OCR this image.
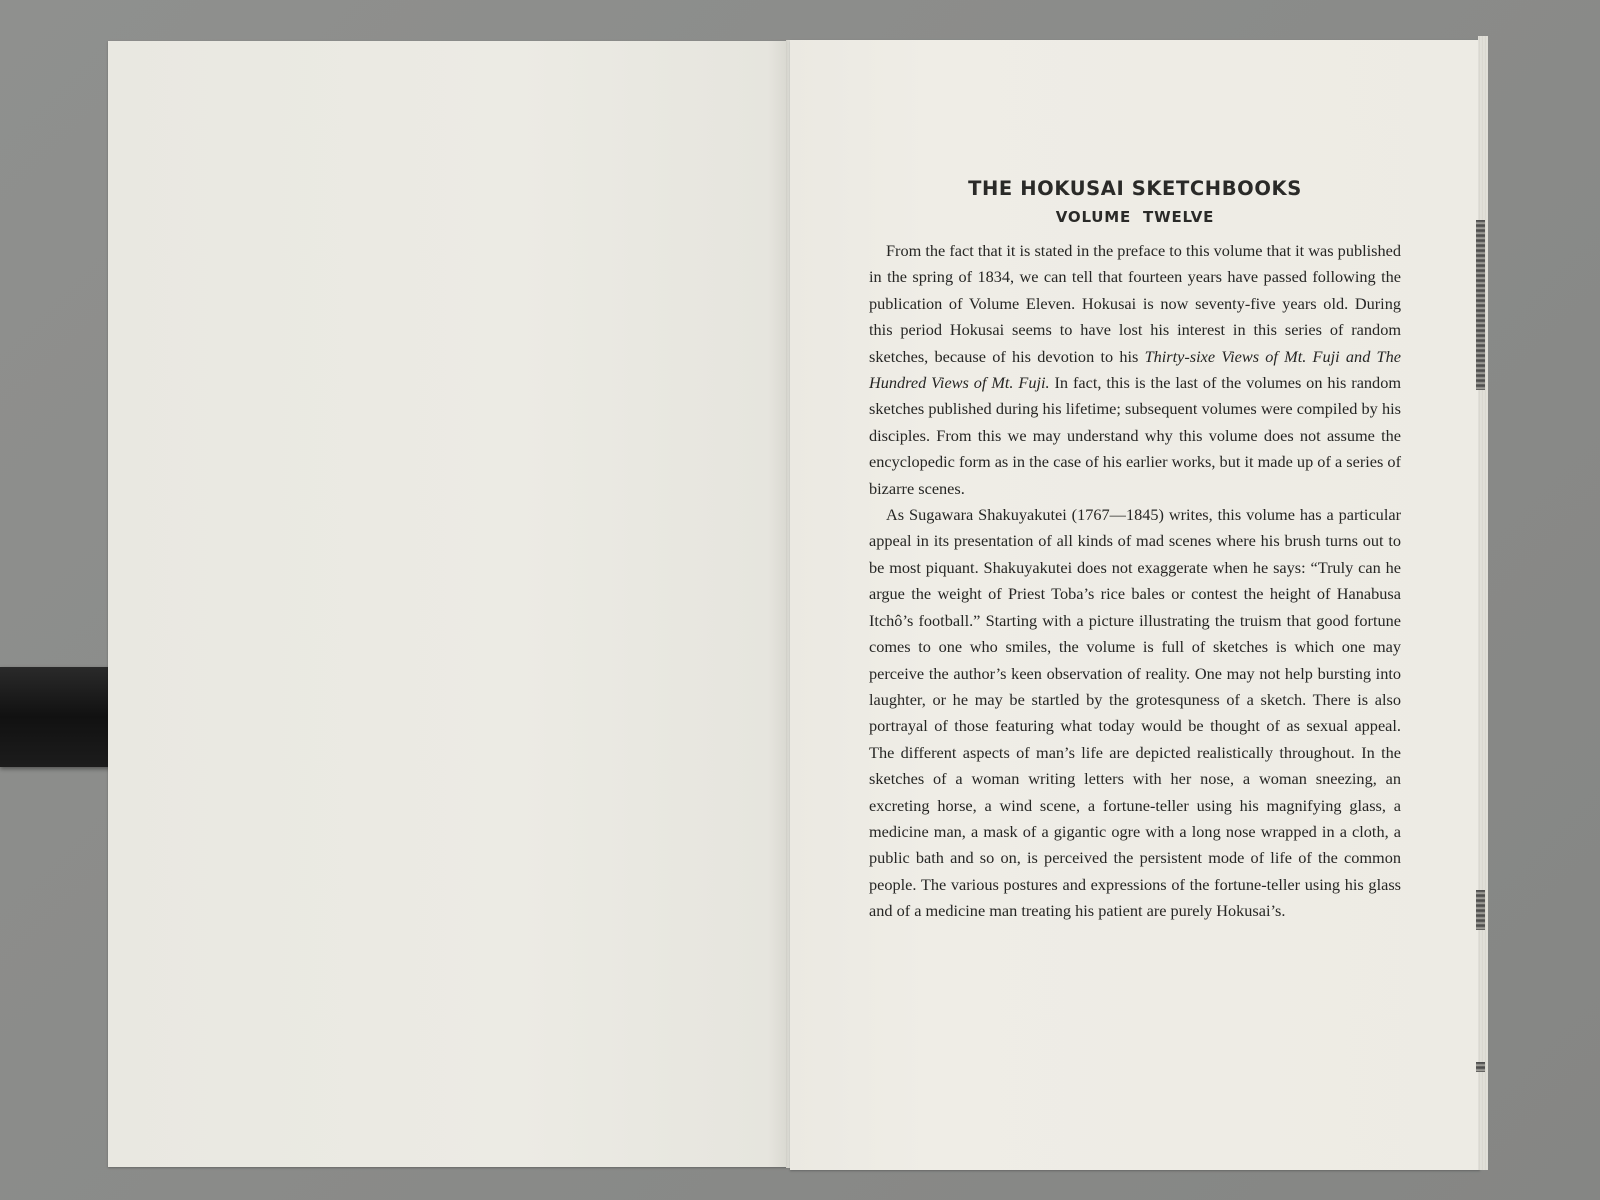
THE HOKUSAI SKETCHBOOKS
VOLUME TWELVE

From the fact that it is stated in the preface to this volume that it was published in the spring of 1834, we can tell that fourteen years have passed following the publication of Volume Eleven. Hokusai is now seventy-five years old. During this period Hokusai seems to have lost his interest in this series of random sketches, because of his devotion to his Thirty-sixe Views of Mt. Fuji and The Hundred Views of Mt. Fuji. In fact, this is the last of the volumes on his random sketches published during his lifetime; subsequent volumes were compiled by his disciples. From this we may understand why this volume does not assume the encyclopedic form as in the case of his earlier works, but it made up of a series of bizarre scenes.

As Sugawara Shakuyakutei (1767—1845) writes, this volume has a particular appeal in its presentation of all kinds of mad scenes where his brush turns out to be most piquant. Shakuyakutei does not exaggerate when he says: “Truly can he argue the weight of Priest Toba’s rice bales or contest the height of Hanabusa Itchô’s football.” Starting with a picture illustrating the truism that good fortune comes to one who smiles, the volume is full of sketches is which one may perceive the author’s keen observation of reality. One may not help bursting into laughter, or he may be startled by the grotesquness of a sketch. There is also portrayal of those featuring what today would be thought of as sexual appeal. The different aspects of man’s life are depicted realistically throughout. In the sketches of a woman writing letters with her nose, a woman sneezing, an excreting horse, a wind scene, a fortune-teller using his magnifying glass, a medicine man, a mask of a gigantic ogre with a long nose wrapped in a cloth, a public bath and so on, is perceived the persistent mode of life of the common people. The various postures and expressions of the fortune-teller using his glass and of a medicine man treating his patient are purely Hokusai’s.
